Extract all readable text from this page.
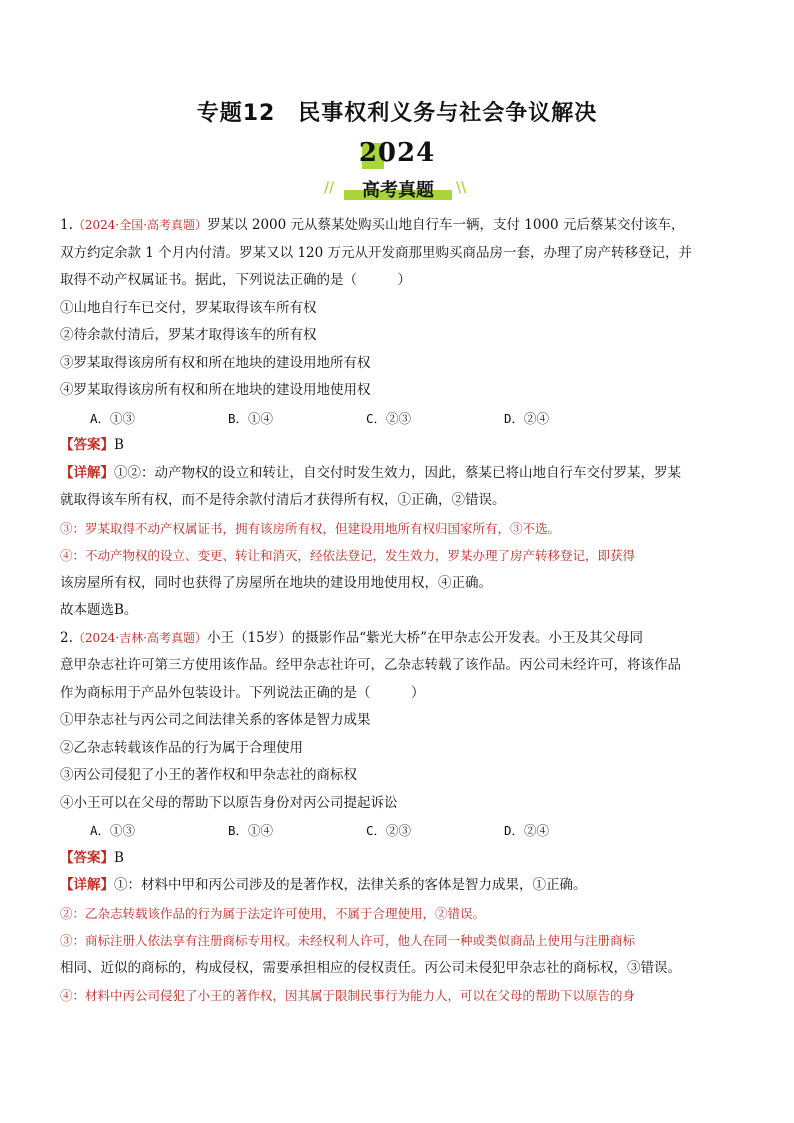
专题12　民事权利义务与社会争议解决
2024
//	高考真题	\\
1.（2024·全国·高考真题）罗某以 2000 元从蔡某处购买山地自行车一辆，支付 1000 元后蔡某交付该车，
双方约定余款 1 个月内付清。罗某又以 120 万元从开发商那里购买商品房一套，办理了房产转移登记，并
取得不动产权属证书。据此，下列说法正确的是（　　　）
①山地自行车已交付，罗某取得该车所有权
②待余款付清后，罗某才取得该车的所有权
③罗某取得该房所有权和所在地块的建设用地所有权
④罗某取得该房所有权和所在地块的建设用地使用权
A．①③	B．①④	C．②③	D．②④
【答案】B
【详解】①②：动产物权的设立和转让，自交付时发生效力，因此，蔡某已将山地自行车交付罗某，罗某
就取得该车所有权，而不是待余款付清后才获得所有权，①正确，②错误。
③：罗某取得不动产权属证书，拥有该房所有权，但建设用地所有权归国家所有，③不选。
④：不动产物权的设立、变更、转让和消灭，经依法登记，发生效力，罗某办理了房产转移登记，即获得
该房屋所有权，同时也获得了房屋所在地块的建设用地使用权，④正确。
故本题选B。
2.（2024·吉林·高考真题）小王（15岁）的摄影作品“紫光大桥”在甲杂志公开发表。小王及其父母同
意甲杂志社许可第三方使用该作品。经甲杂志社许可，乙杂志转载了该作品。丙公司未经许可，将该作品
作为商标用于产品外包装设计。下列说法正确的是（　　　）
①甲杂志社与丙公司之间法律关系的客体是智力成果
②乙杂志转载该作品的行为属于合理使用
③丙公司侵犯了小王的著作权和甲杂志社的商标权
④小王可以在父母的帮助下以原告身份对丙公司提起诉讼
A．①③	B．①④	C．②③	D．②④
【答案】B
【详解】①：材料中甲和丙公司涉及的是著作权，法律关系的客体是智力成果，①正确。
②：乙杂志转载该作品的行为属于法定许可使用，不属于合理使用，②错误。
③：商标注册人依法享有注册商标专用权。未经权利人许可，他人在同一种或类似商品上使用与注册商标
相同、近似的商标的，构成侵权，需要承担相应的侵权责任。丙公司未侵犯甲杂志社的商标权，③错误。
④：材料中丙公司侵犯了小王的著作权，因其属于限制民事行为能力人，可以在父母的帮助下以原告的身
